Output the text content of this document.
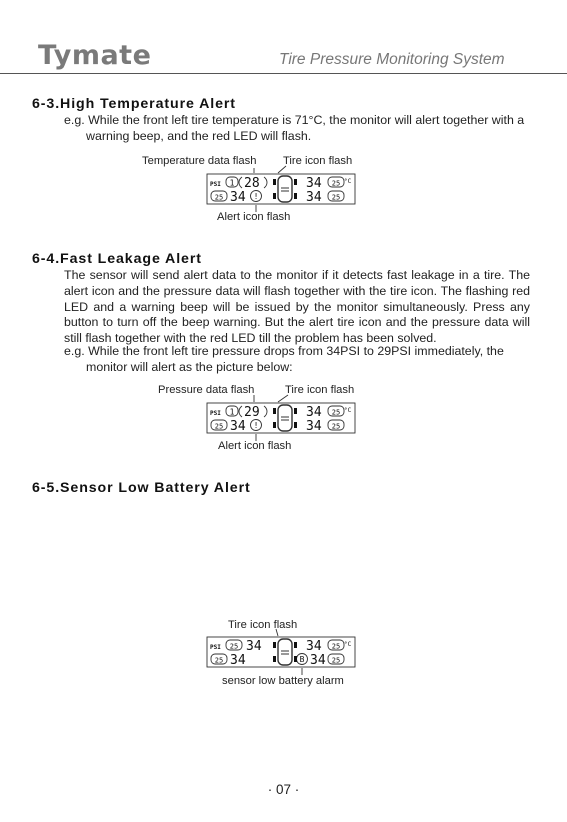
Tymate	Tire Pressure Monitoring System
6-3.High Temperature Alert
e.g. While the front left tire temperature is 71°C, the monitor will alert together with a
warning beep, and the red LED will flash.
Temperature data flash Tire icon flash
Alert icon flash
PSI	°C
1 28	34 25
25 34	34 25
!
6-4.Fast Leakage Alert
The sensor will send alert data to the monitor if it detects fast leakage in a tire. The
alert icon and the pressure data will flash together with the tire icon. The flashing red
LED and a warning beep will be issued by the monitor simultaneously. Press any
button to turn off the beep warning. But the alert tire icon and the pressure data will
still flash together with the red LED till the problem has been solved.
e.g. While the front left tire pressure drops from 34PSI to 29PSI immediately, the
monitor will alert as the picture below:
Pressure data flash	Tire icon flash
Alert icon flash
PSI	°C
1 29	34 25
25 34	34 25
!
6-5.Sensor Low Battery Alert
Tire icon flash
sensor low battery alarm
PSI	°C
25 34	34 25
25 34	34 25
B
· 07 ·
